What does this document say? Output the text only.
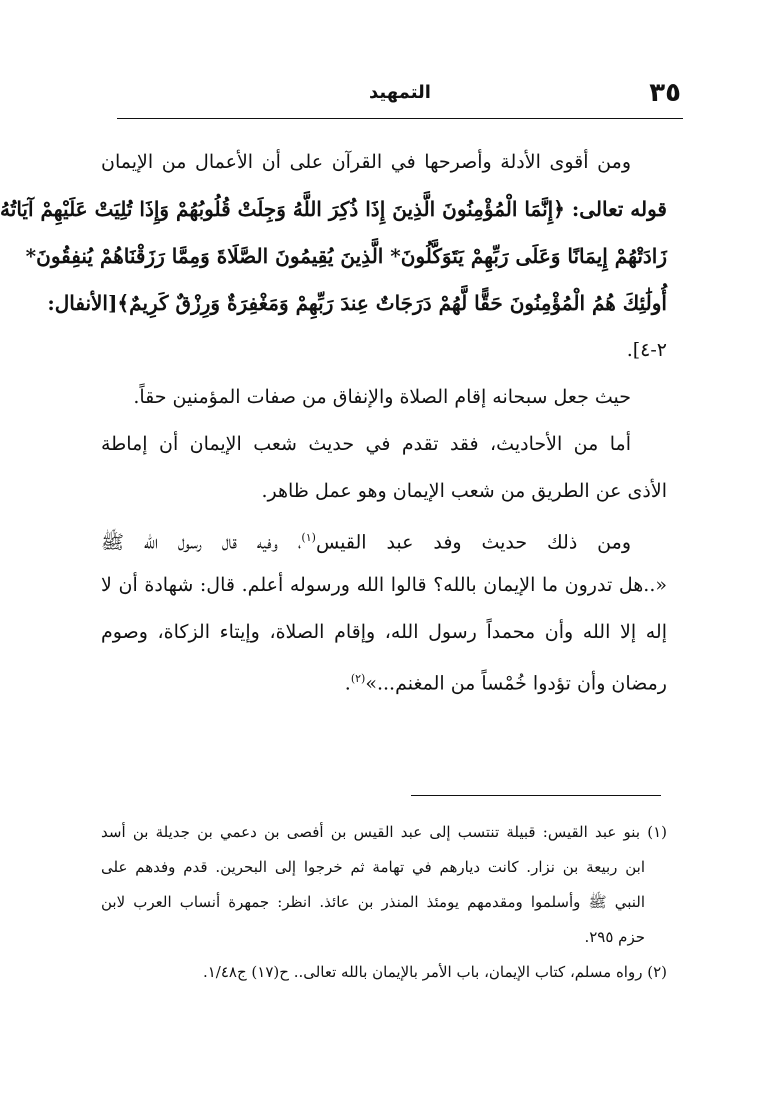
٣٥
التمهيد
ومن أقوى الأدلة وأصرحها في القرآن على أن الأعمال من الإيمان
قوله تعالى: ﴿إِنَّمَا الْمُؤْمِنُونَ الَّذِينَ إِذَا ذُكِرَ اللَّهُ وَجِلَتْ قُلُوبُهُمْ وَإِذَا تُلِيَتْ عَلَيْهِمْ آيَاتُهُ
زَادَتْهُمْ إِيمَانًا وَعَلَى رَبِّهِمْ يَتَوَكَّلُونَ* الَّذِينَ يُقِيمُونَ الصَّلَاةَ وَمِمَّا رَزَقْنَاهُمْ يُنفِقُونَ*
أُولَٰئِكَ هُمُ الْمُؤْمِنُونَ حَقًّا لَّهُمْ دَرَجَاتٌ عِندَ رَبِّهِمْ وَمَغْفِرَةٌ وَرِزْقٌ كَرِيمٌ﴾[الأنفال:
٢-٤].
حيث جعل سبحانه إقام الصلاة والإنفاق من صفات المؤمنين حقاً.
أما من الأحاديث، فقد تقدم في حديث شعب الإيمان أن إماطة
الأذى عن الطريق من شعب الإيمان وهو عمل ظاهر.
ومن ذلك حديث وفد عبد القيس$^{(١)}$، وفيه قال رسول الله ﷺ
«..هل تدرون ما الإيمان بالله؟ قالوا الله ورسوله أعلم. قال: شهادة أن لا
إله إلا الله وأن محمداً رسول الله، وإقام الصلاة، وإيتاء الزكاة، وصوم
رمضان وأن تؤدوا خُمْساً من المغنم...»$^{(٢)}$.
(١) بنو عبد القيس: قبيلة تنتسب إلى عبد القيس بن أفصى بن دعمي بن جديلة بن أسد
ابن ربيعة بن نزار. كانت ديارهم في تهامة ثم خرجوا إلى البحرين. قدم وفدهم على
النبي ﷺ وأسلموا ومقدمهم يومئذ المنذر بن عائذ. انظر: جمهرة أنساب العرب لابن
حزم ٢٩٥.
(٢) رواه مسلم، كتاب الإيمان، باب الأمر بالإيمان بالله تعالى.. ح(١٧) ج١/٤٨.
